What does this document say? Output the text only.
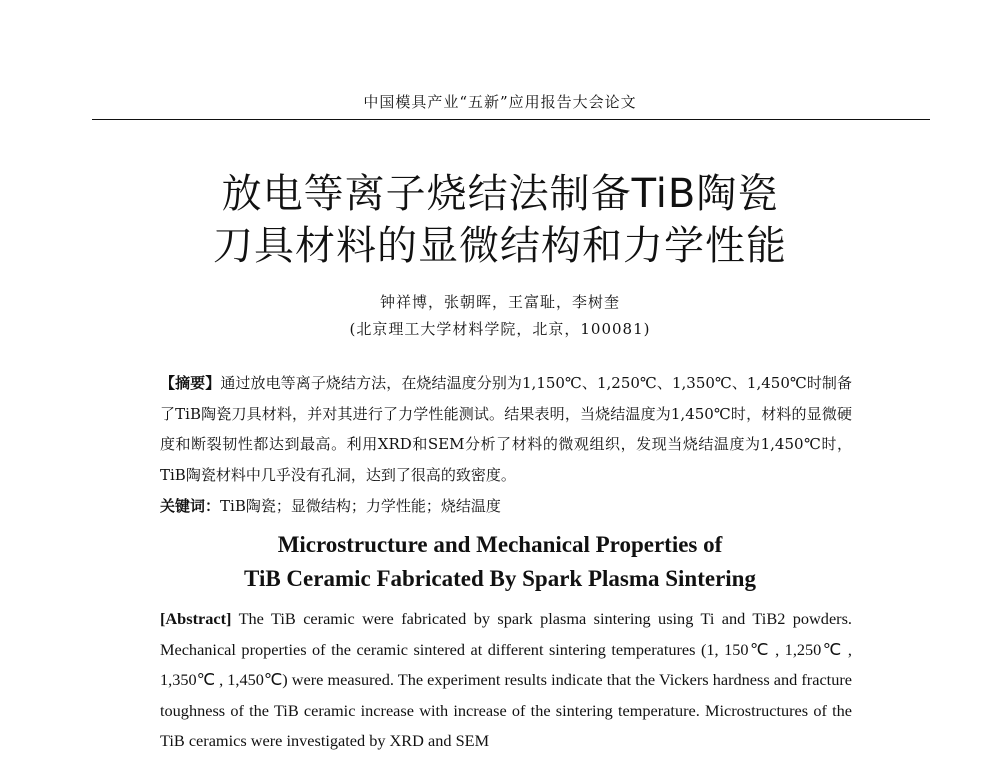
中国模具产业“五新”应用报告大会论文
放电等离子烧结法制备TiB陶瓷
刀具材料的显微结构和力学性能
钟祥博，张朝晖，王富耻，李树奎
(北京理工大学材料学院，北京，100081)
【摘要】通过放电等离子烧结方法，在烧结温度分别为1,150℃、1,250℃、1,350℃、1,450℃时制备了TiB陶瓷刀具材料，并对其进行了力学性能测试。结果表明，当烧结温度为1,450℃时，材料的显微硬度和断裂韧性都达到最高。利用XRD和SEM分析了材料的微观组织，发现当烧结温度为1,450℃时，TiB陶瓷材料中几乎没有孔洞，达到了很高的致密度。
关键词：TiB陶瓷；显微结构；力学性能；烧结温度
Microstructure and Mechanical Properties of
TiB Ceramic Fabricated By Spark Plasma Sintering
[Abstract] The TiB ceramic were fabricated by spark plasma sintering using Ti and TiB2 powders. Mechanical properties of the ceramic sintered at different sintering temperatures (1, 150℃ , 1,250℃ , 1,350℃ , 1,450℃) were measured. The experiment results indicate that the Vickers hardness and fracture toughness of the TiB ceramic increase with increase of the sintering temperature. Microstructures of the TiB ceramics were investigated by XRD and SEM
